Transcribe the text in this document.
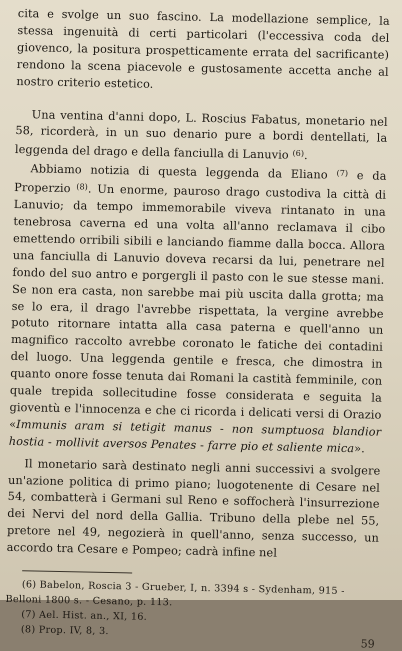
cita e svolge un suo fascino. La modellazione semplice, la stessa ingenuità di certi particolari (l'eccessiva coda del giovenco, la positura prospetticamente errata del sacrificante) rendono la scena piacevole e gustosamente accetta anche al nostro criterio estetico.

Una ventina d'anni dopo, L. Roscius Fabatus, monetario nel 58, ricorderà, in un suo denario pure a bordi dentellati, la leggenda del drago e della fanciulla di Lanuvio $^{(6)}$.

Abbiamo notizia di questa leggenda da Eliano $^{(7)}$ e da Properzio $^{(8)}$. Un enorme, pauroso drago custodiva la città di Lanuvio; da tempo immemorabile viveva rintanato in una tenebrosa caverna ed una volta all'anno reclamava il cibo emettendo orribili sibili e lanciando fiamme dalla bocca. Allora una fanciulla di Lanuvio doveva recarsi da lui, penetrare nel fondo del suo antro e porgergli il pasto con le sue stesse mani. Se non era casta, non sarebbe mai più uscita dalla grotta; ma se lo era, il drago l'avrebbe rispettata, la vergine avrebbe potuto ritornare intatta alla casa paterna e quell'anno un magnifico raccolto avrebbe coronato le fatiche dei contadini del luogo. Una leggenda gentile e fresca, che dimostra in quanto onore fosse tenuta dai Romani la castità femminile, con quale trepida sollecitudine fosse considerata e seguita la gioventù e l'innocenza e che ci ricorda i delicati versi di Orazio «Immunis aram si tetigit manus - non sumptuosa blandior hostia - mollivit aversos Penates - farre pio et saliente mica».

Il monetario sarà destinato negli anni successivi a svolgere un'azione politica di primo piano; luogotenente di Cesare nel 54, combatterà i Germani sul Reno e soffocherà l'insurrezione dei Nervi del nord della Gallia. Tribuno della plebe nel 55, pretore nel 49, negozierà in quell'anno, senza successo, un accordo tra Cesare e Pompeo; cadrà infine nel

(6) Babelon, Roscia 3 - Grueber, I, n. 3394 s - Sydenham, 915 - Belloni 1800 s. - Cesano, p. 113.

(7) Ael. Hist. an., XI, 16.

(8) Prop. IV, 8, 3.

59
